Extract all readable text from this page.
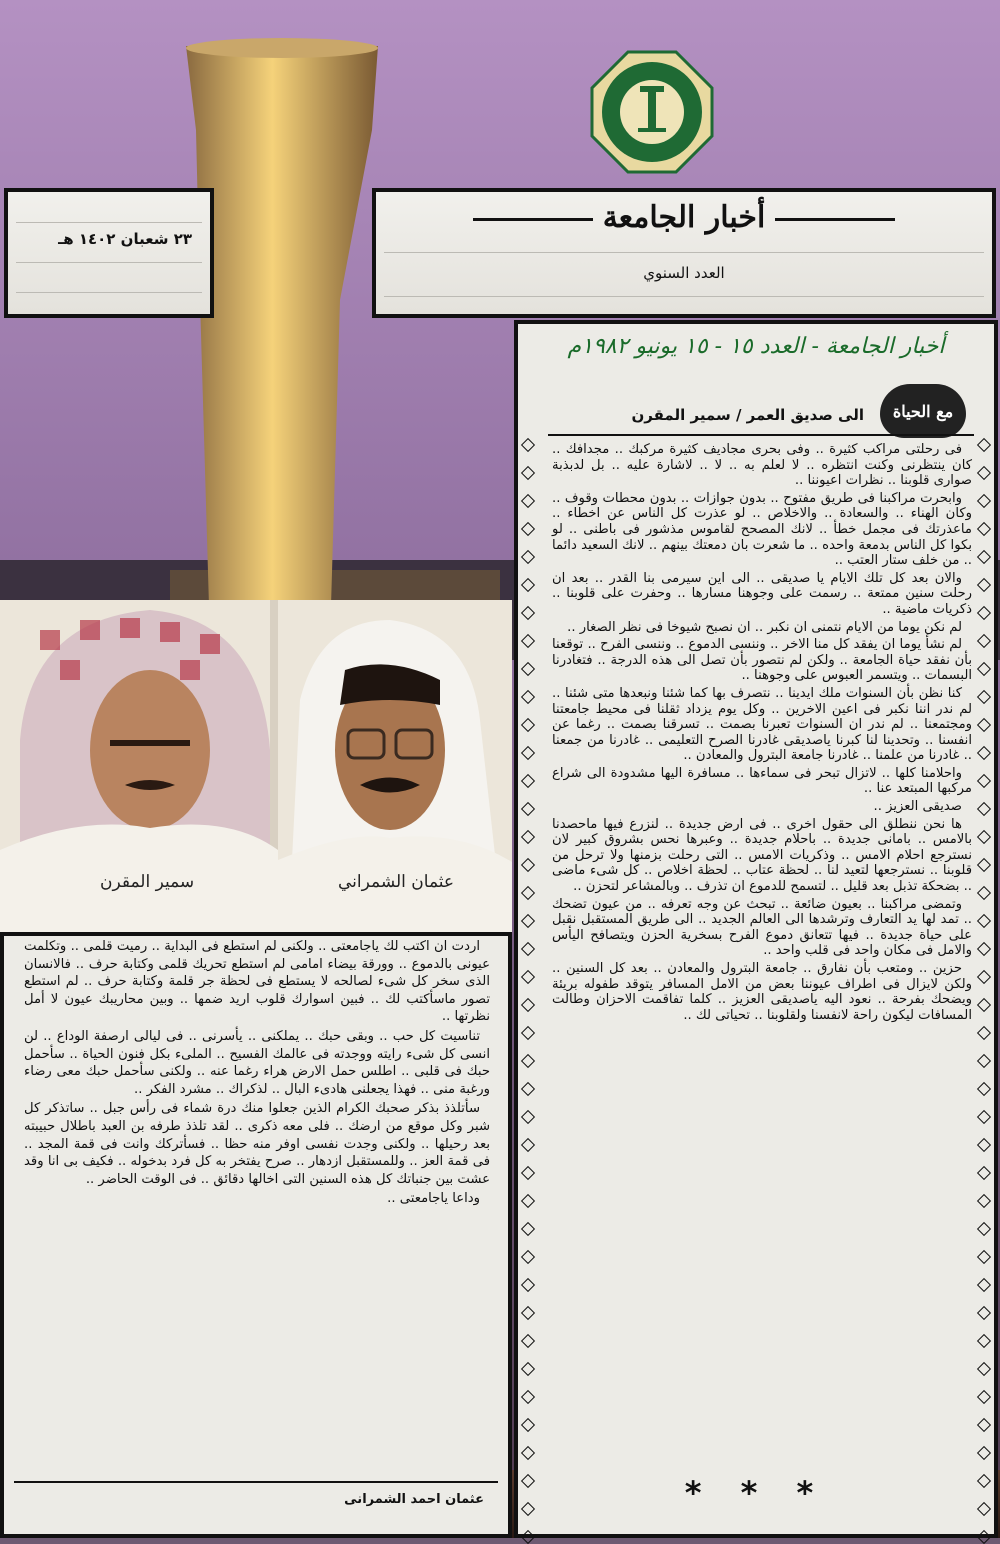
٢٣ شعبان ١٤٠٢ هـ
أخبار الجامعة
العدد السنوي
أخبار الجامعة - العدد ١٥ - ١٥ يونيو ١٩٨٢م
مع الحياة
الى صديق العمر / سمير المقرن

فى رحلتى مراكب كثيرة .. وفى بحرى مجاديف كثيرة مركبك .. مجدافك .. كان ينتظرنى وكنت انتظره .. لا لعلم به .. لا .. لاشارة عليه .. بل لدبذبة صوارى قلوبنا .. نظرات اعيوننا ..

وابحرت مراكبنا فى طريق مفتوح .. بدون جوازات .. بدون محطات وقوف .. وكان الهناء .. والسعادة .. والاخلاص .. لو عذرت كل الناس عن اخطاء .. ماعذرتك فى مجمل خطأ .. لانك المصحح لقاموس مذشور فى باطنى .. لو بكوا كل الناس بدمعة واحده .. ما شعرت بان دمعتك بينهم .. لانك السعيد دائما .. من خلف ستار العتب ..

والان بعد كل تلك الايام يا صديقى .. الى اين سيرمى بنا القدر .. بعد ان رحلت سنين ممتعة .. رسمت على وجوهنا مسارها .. وحفرت على قلوبنا .. ذكريات ماضية ..

لم نكن يوما من الايام نتمنى ان نكبر .. ان نصبح شيوخا فى نظر الصغار ..

لم نشأ يوما ان يفقد كل منا الاخر .. وننسى الدموع .. وننسى الفرح .. توقعنا بأن نفقد حياة الجامعة .. ولكن لم نتصور بأن تصل الى هذه الدرجة .. فتغادرنا البسمات .. ويتسمر العبوس على وجوهنا ..

كنا نظن بأن السنوات ملك ايدينا .. نتصرف بها كما شئنا ونبعدها متى شئنا .. لم ندر اننا نكبر فى اعين الاخرين .. وكل يوم يزداد ثقلنا فى محيط جامعتنا ومجتمعنا .. لم ندر ان السنوات تعبرنا بصمت .. تسرقنا بصمت .. رغما عن انفسنا .. وتحدينا لنا كبرنا ياصديقى غادرنا الصرح التعليمى .. غادرنا من جمعنا .. غادرنا من علمنا .. غادرنا جامعة البترول والمعادن ..

واحلامنا كلها .. لاتزال تبحر فى سماءها .. مسافرة اليها مشدودة الى شراع مركبها المبتعد عنا ..

صديقى العزيز ..

ها نحن ننطلق الى حقول اخرى .. فى ارض جديدة .. لنزرع فيها ماحصدنا بالامس .. بامانى جديدة .. باحلام جديدة .. وعبرها نحس بشروق كبير لان نسترجع احلام الامس .. وذكريات الامس .. التى رحلت بزمنها ولا ترحل من قلوبنا .. نسترجعها لتعيد لنا .. لحظة عتاب .. لحظة اخلاص .. كل شىء ماضى .. بضحكة تذبل بعد قليل .. لتسمح للدموع ان تذرف .. وبالمشاعر لتحزن ..

وتمضى مراكبنا .. بعيون ضائعة .. تبحث عن وجه تعرفه .. من عيون تضحك .. تمد لها يد التعارف وترشدها الى العالم الجديد .. الى طريق المستقبل نقبل على حياة جديدة .. فيها تتعانق دموع الفرح بسخرية الحزن ويتصافح اليأس والامل فى مكان واحد فى قلب واحد ..

حزين .. ومتعب بأن نفارق .. جامعة البترول والمعادن .. بعد كل السنين .. ولكن لايزال فى اطراف عيوننا بعض من الامل المسافر يتوقد طفوله بريئة ويضحك بفرحة .. نعود اليه ياصديقى العزيز .. كلما تفاقمت الاحزان وطالت المسافات ليكون راحة لانفسنا ولقلوبنا .. تحياتى لك ..

* * *
سمير المقرن	عثمان الشمراني

اردت ان اكتب لك ياجامعتى .. ولكنى لم استطع فى البداية .. رميت قلمى .. وتكلمت عيونى بالدموع .. وورقة بيضاء امامى لم استطع تحريك قلمى وكتابة حرف .. فالانسان الذى سخر كل شىء لصالحه لا يستطع فى لحظة جر قلمة وكتابة حرف .. لم استطع تصور ماسأكتب لك .. فبين اسوارك قلوب اريد ضمها .. وبين محاريبك عيون لا أمل نظرتها ..

تناسيت كل حب .. وبقى حبك .. يملكنى .. يأسرنى .. فى ليالى ارصفة الوداع .. لن انسى كل شىء رايته ووجدته فى عالمك الفسيح .. الملىء بكل فنون الحياة .. سأحمل حبك فى قلبى .. اطلس حمل الارض هراء رغما عنه .. ولكنى سأحمل حبك معى رضاء ورغبة منى .. فهذا يجعلنى هادىء البال .. لذكراك .. مشرد الفكر ..

سأتلذذ بذكر صحبك الكرام الذين جعلوا منك درة شماء فى رأس جبل .. ساتذكر كل شبر وكل موقع من ارضك .. فلى معه ذكرى .. لقد تلذذ طرفه بن العبد باطلال حبيبته بعد رحيلها .. ولكنى وجدت نفسى اوفر منه حظا .. فسأتركك وانت فى قمة المجد .. فى قمة العز .. وللمستقبل ازدهار .. صرح يفتخر به كل فرد بدخوله .. فكيف بى انا وقد عشت بين جنباتك كل هذه السنين التى اخالها دقائق .. فى الوقت الحاضر ..

وداعا ياجامعتى ..

عثمان احمد الشمرانى
